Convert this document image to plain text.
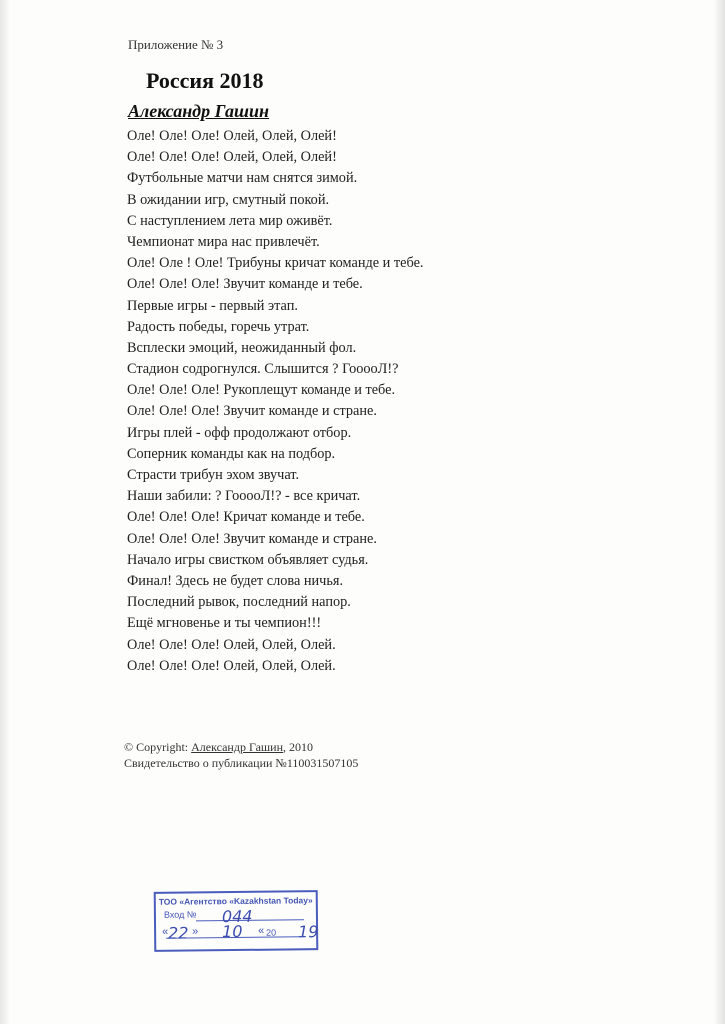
Приложение № 3
Россия 2018
Александр Гашин
Оле! Оле! Оле! Олей, Олей, Олей!
Оле! Оле! Оле! Олей, Олей, Олей!
Футбольные матчи нам снятся зимой.
В ожидании игр, смутный покой.
С наступлением лета мир оживёт.
Чемпионат мира нас привлечёт.
Оле! Оле ! Оле! Трибуны кричат команде и тебе.
Оле! Оле! Оле! Звучит команде и тебе.
Первые игры - первый этап.
Радость победы, горечь утрат.
Всплески эмоций, неожиданный фол.
Стадион содрогнулся. Слышится ? ГооооЛ!?
Оле! Оле! Оле! Рукоплещут команде и тебе.
Оле! Оле! Оле! Звучит команде и стране.
Игры плей - офф продолжают отбор.
Соперник команды как на подбор.
Страсти трибун эхом звучат.
Наши забили: ? ГооооЛ!? - все кричат.
Оле! Оле! Оле! Кричат команде и тебе.
Оле! Оле! Оле! Звучит команде и стране.
Начало игры свистком объявляет судья.
Финал! Здесь не будет слова ничья.
Последний рывок, последний напор.
Ещё мгновенье и ты чемпион!!!
Оле! Оле! Оле! Олей, Олей, Олей.
Оле! Оле! Оле! Олей, Олей, Олей.
© Copyright: Александр Гашин, 2010
Свидетельство о публикации №110031507105
ТОО «Агентство «Kazakhstan Today»
Вход № 044
« 22 » 10 « 20 19
